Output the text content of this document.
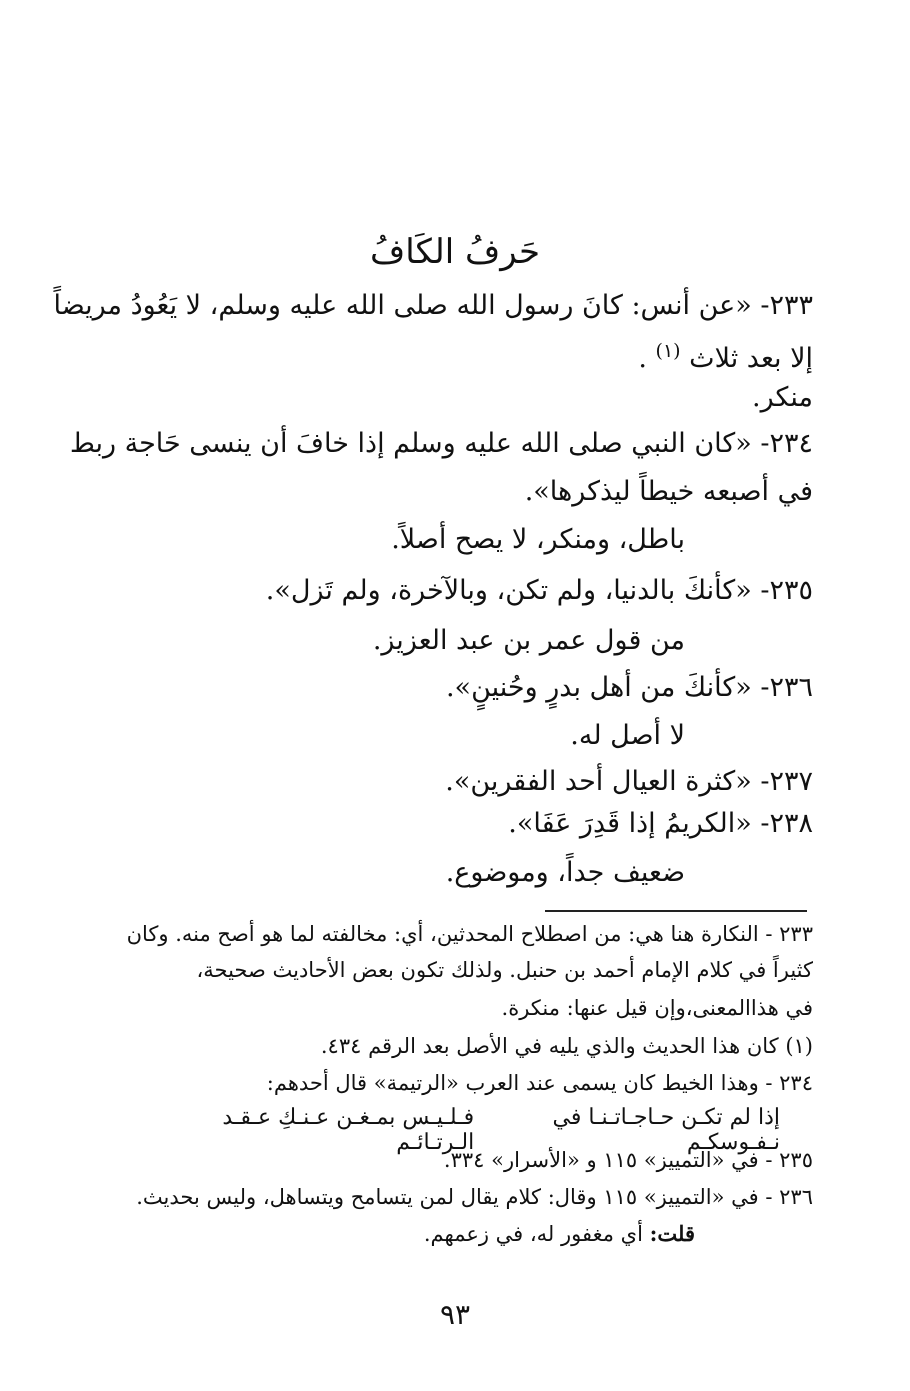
حَرفُ الكَافُ
٢٣٣- «عن أنس: كانَ رسول الله صلى الله عليه وسلم، لا يَعُودُ مريضاً
إلا بعد ثلاث $^{(١)}$ .
منكر.
٢٣٤- «كان النبي صلى الله عليه وسلم إذا خافَ أن ينسى حَاجة ربط
في أصبعه خيطاً ليذكرها».
باطل، ومنكر، لا يصح أصلاً.
٢٣٥- «كأنكَ بالدنيا، ولم تكن، وبالآخرة، ولم تَزل».
من قول عمر بن عبد العزيز.
٢٣٦- «كأنكَ من أهل بدرٍ وحُنينٍ».
لا أصل له.
٢٣٧- «كثرة العيال أحد الفقرين».
٢٣٨- «الكريمُ إذا قَدِرَ عَفَا».
ضعيف جداً، وموضوع.
٢٣٣ - النكارة هنا هي: من اصطلاح المحدثين، أي: مخالفته لما هو أصح منه. وكان
كثيراً في كلام الإمام أحمد بن حنبل. ولذلك تكون بعض الأحاديث صحيحة،
في هذاالمعنى،وإن قيل عنها: منكرة.
(١) كان هذا الحديث والذي يليه في الأصل بعد الرقم ٤٣٤.
٢٣٤ - وهذا الخيط كان يسمى عند العرب «الرتيمة» قال أحدهم:
إذا لم تكـن حـاجـاتـنـا في نـفـوسكـم
فـلـيـس بمـغـن عـنـكِ عـقـد الـرتـائـم
٢٣٥ - في «التمييز» ١١٥ و «الأسرار» ٣٣٤.
٢٣٦ - في «التمييز» ١١٥ وقال: كلام يقال لمن يتسامح ويتساهل، وليس بحديث.
قلت: أي مغفور له، في زعمهم.
٩٣
